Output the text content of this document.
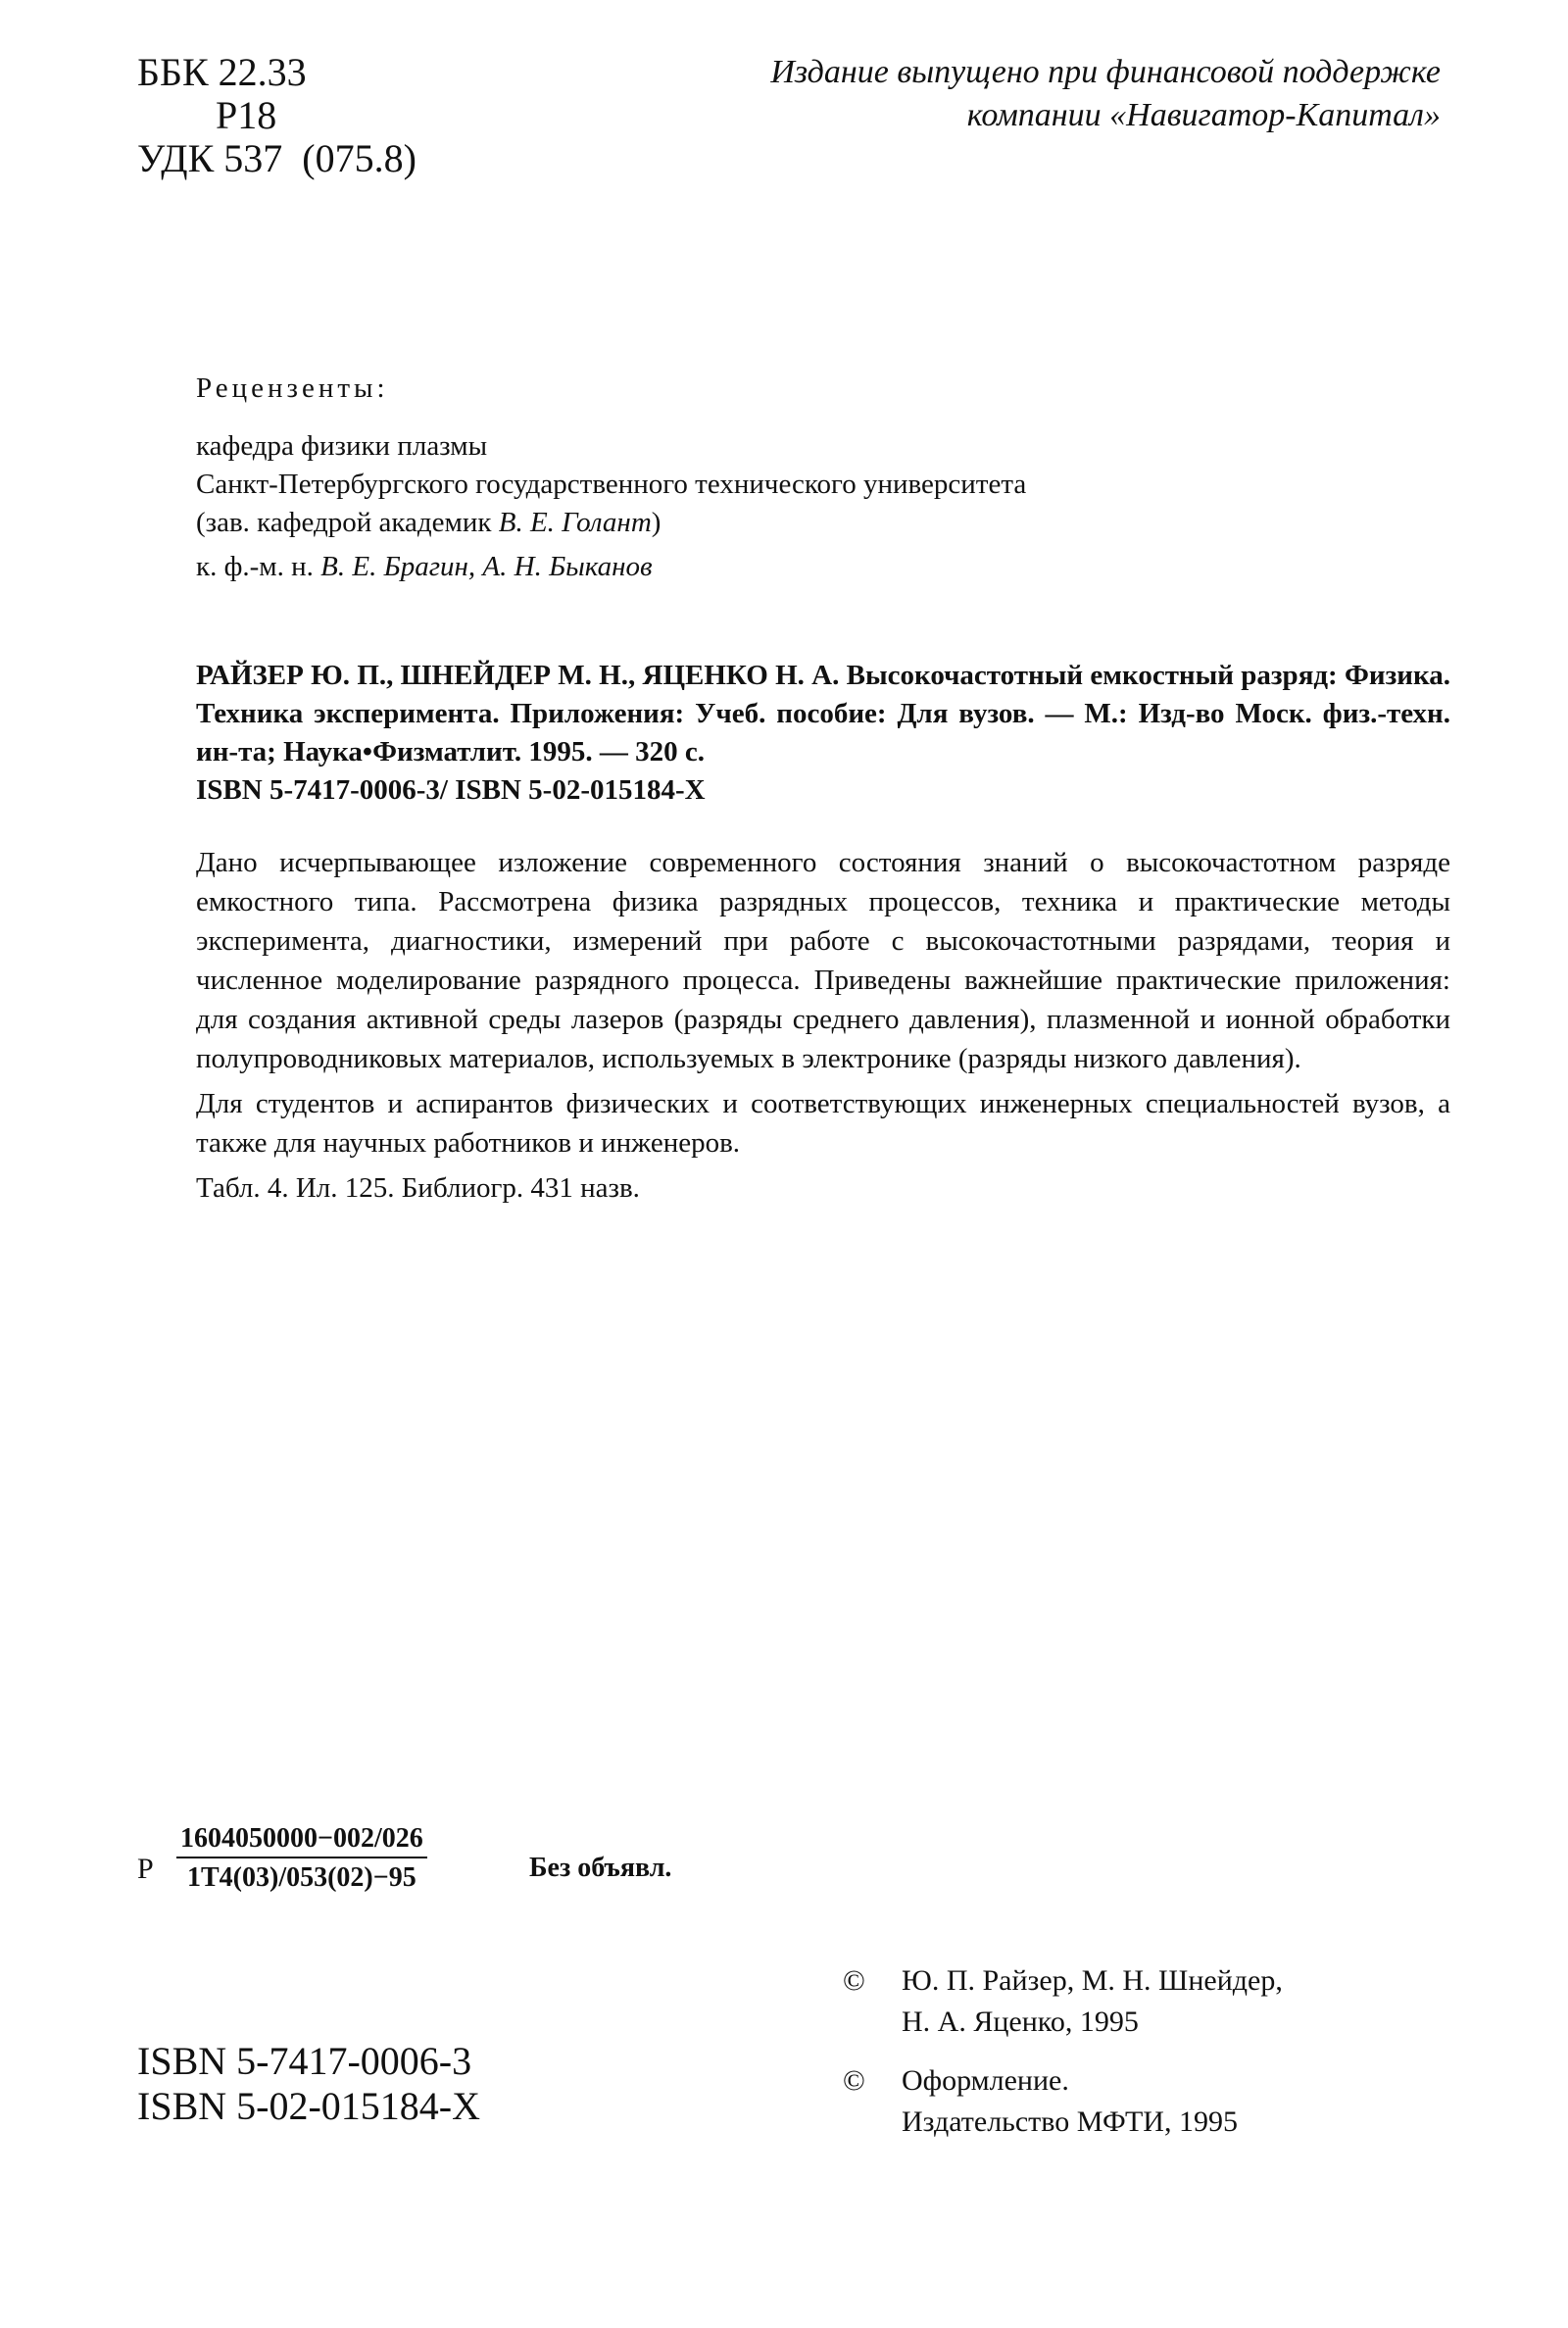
ББК 22.33
Р18
УДК 537  (075.8)
Издание выпущено при финансовой поддержке
компании «Навигатор-Капитал»
Рецензенты:
кафедра физики плазмы
Санкт-Петербургского государственного технического университета
(зав. кафедрой академик В. Е. Голант)
к. ф.-м. н. В. Е. Брагин, А. Н. Быканов

РАЙЗЕР Ю. П., ШНЕЙДЕР М. Н., ЯЦЕНКО Н. А. Высокочастотный емкостный разряд: Физика. Техника эксперимента. Приложения: Учеб. пособие: Для вузов. — М.: Изд-во Моск. физ.-техн. ин-та; Наука•Физматлит. 1995. — 320 с.

ISBN 5-7417-0006-3/ ISBN 5-02-015184-X

Дано исчерпывающее изложение современного состояния знаний о высокочастотном разряде емкостного типа. Рассмотрена физика разрядных процессов, техника и практические методы эксперимента, диагностики, измерений при работе с высокочастотными разрядами, теория и численное моделирование разрядного процесса. Приведены важнейшие практические приложения: для создания активной среды лазеров (разряды среднего давления), плазменной и ионной обработки полупроводниковых материалов, используемых в электронике (разряды низкого давления).

Для студентов и аспирантов физических и соответствующих инженерных специальностей вузов, а также для научных работников и инженеров.

Табл. 4. Ил. 125. Библиогр. 431 назв.

Р
1604050000−002/026
1Т4(03)/053(02)−95	Без объявл.
© Ю. П. Райзер, М. Н. Шнейдер,
Н. А. Яценко, 1995
© Оформление.
Издательство МФТИ, 1995
ISBN 5-7417-0006-3
ISBN 5-02-015184-X
